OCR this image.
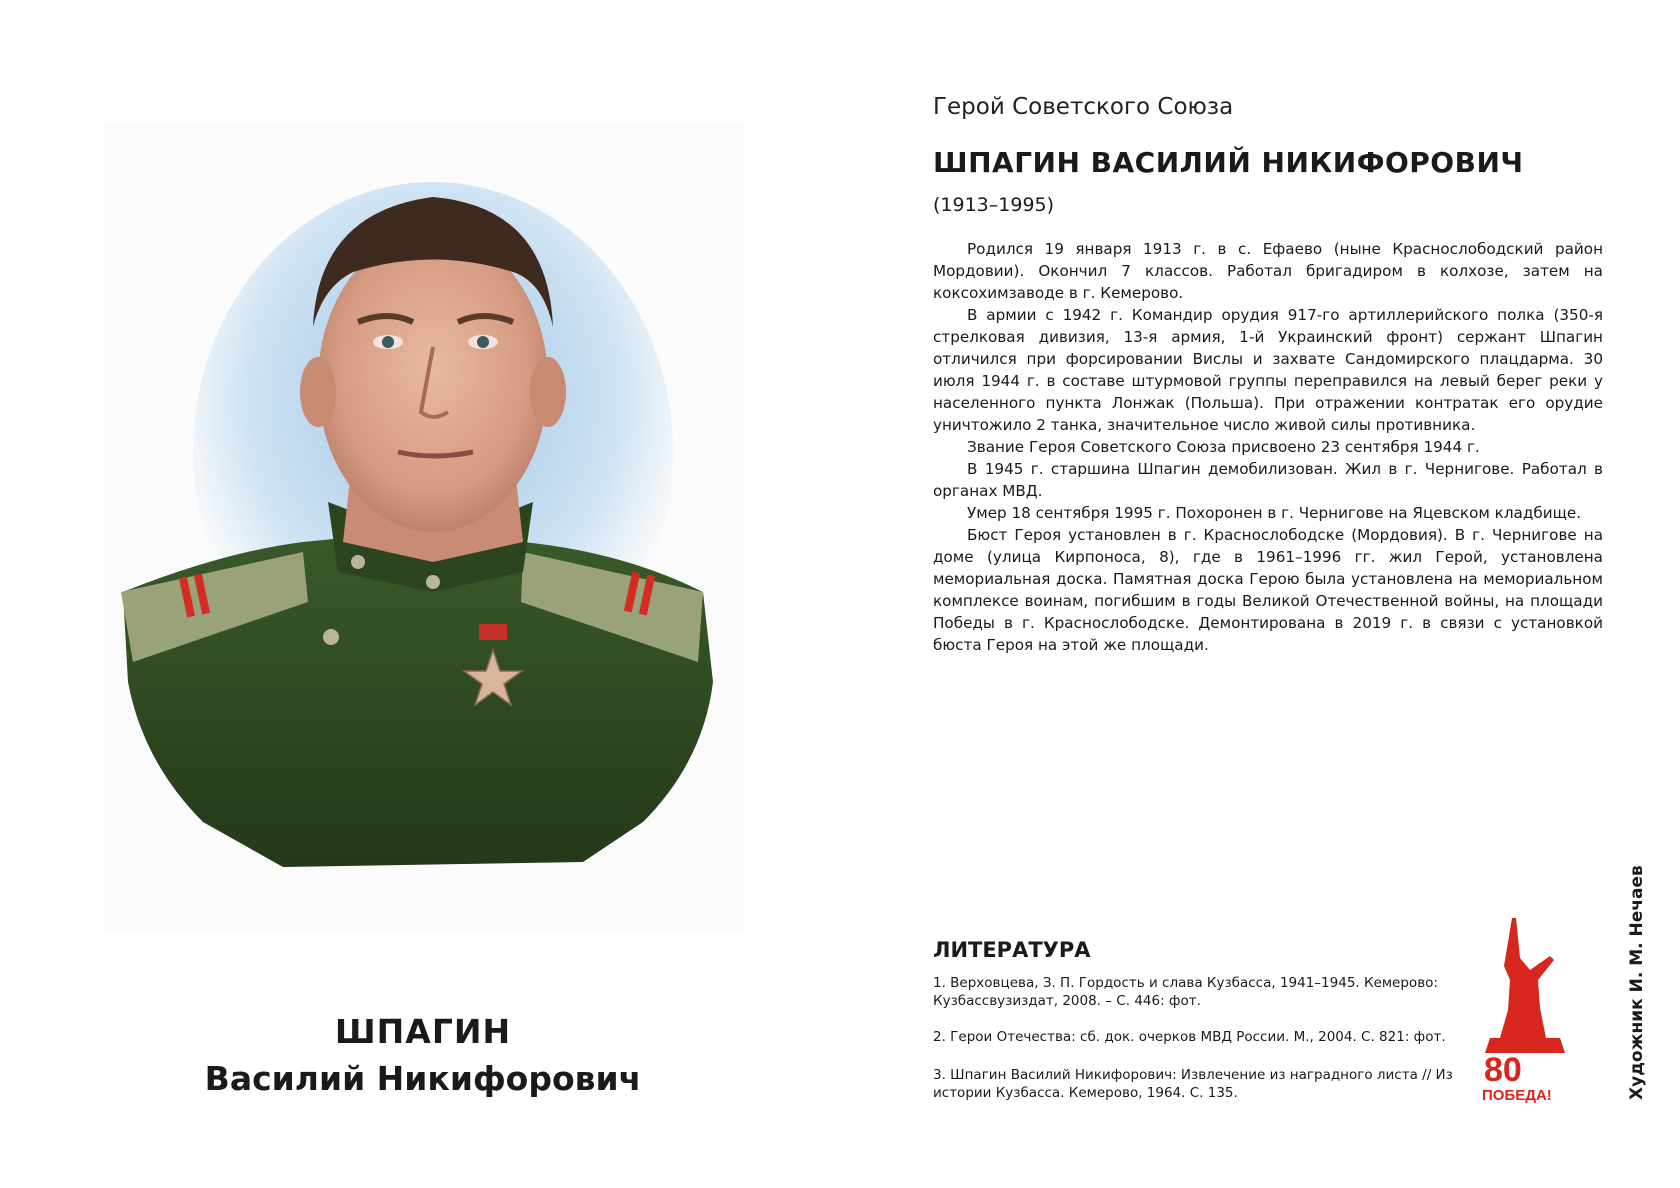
ШПАГИН
Василий Никифорович
Герой Советского Союза
ШПАГИН ВАСИЛИЙ НИКИФОРОВИЧ
(1913–1995)

Родился 19 января 1913 г. в с. Ефаево (ныне Краснослободский район Мордовии). Окончил 7 классов. Работал бригадиром в колхозе, затем на коксохимзаводе в г. Кемерово.

В армии с 1942 г. Командир орудия 917-го артиллерийского полка (350-я стрелковая дивизия, 13-я армия, 1-й Украинский фронт) сержант Шпагин отличился при форсировании Вислы и захвате Сандомирского плацдарма. 30 июля 1944 г. в составе штурмовой группы переправился на левый берег реки у населенного пункта Лонжак (Польша). При отражении контратак его орудие уничтожило 2 танка, значительное число живой силы противника.

Звание Героя Советского Союза присвоено 23 сентября 1944 г.

В 1945 г. старшина Шпагин демобилизован. Жил в г. Чернигове. Работал в органах МВД.

Умер 18 сентября 1995 г. Похоронен в г. Чернигове на Яцевском кладбище.

Бюст Героя установлен в г. Краснослободске (Мордовия). В г. Чернигове на доме (улица Кирпоноса, 8), где в 1961–1996 гг. жил Герой, установлена мемориальная доска. Памятная доска Герою была установлена на мемориальном комплексе воинам, погибшим в годы Великой Отечественной войны, на площади Победы в г. Краснослободске. Демонтирована в 2019 г. в связи с установкой бюста Героя на этой же площади.

ЛИТЕРАТУРА
1. Верховцева, З. П. Гордость и слава Кузбасса, 1941–1945. Кемерово: Кузбассвузиздат, 2008. – С. 446: фот.
2. Герои Отечества: сб. док. очерков МВД России. М., 2004. С. 821: фот.
3. Шпагин Василий Никифорович: Извлечение из наградного листа // Из истории Кузбасса. Кемерово, 1964. С. 135.
80
ПОБЕДА!	Художник И. М. Нечаев
